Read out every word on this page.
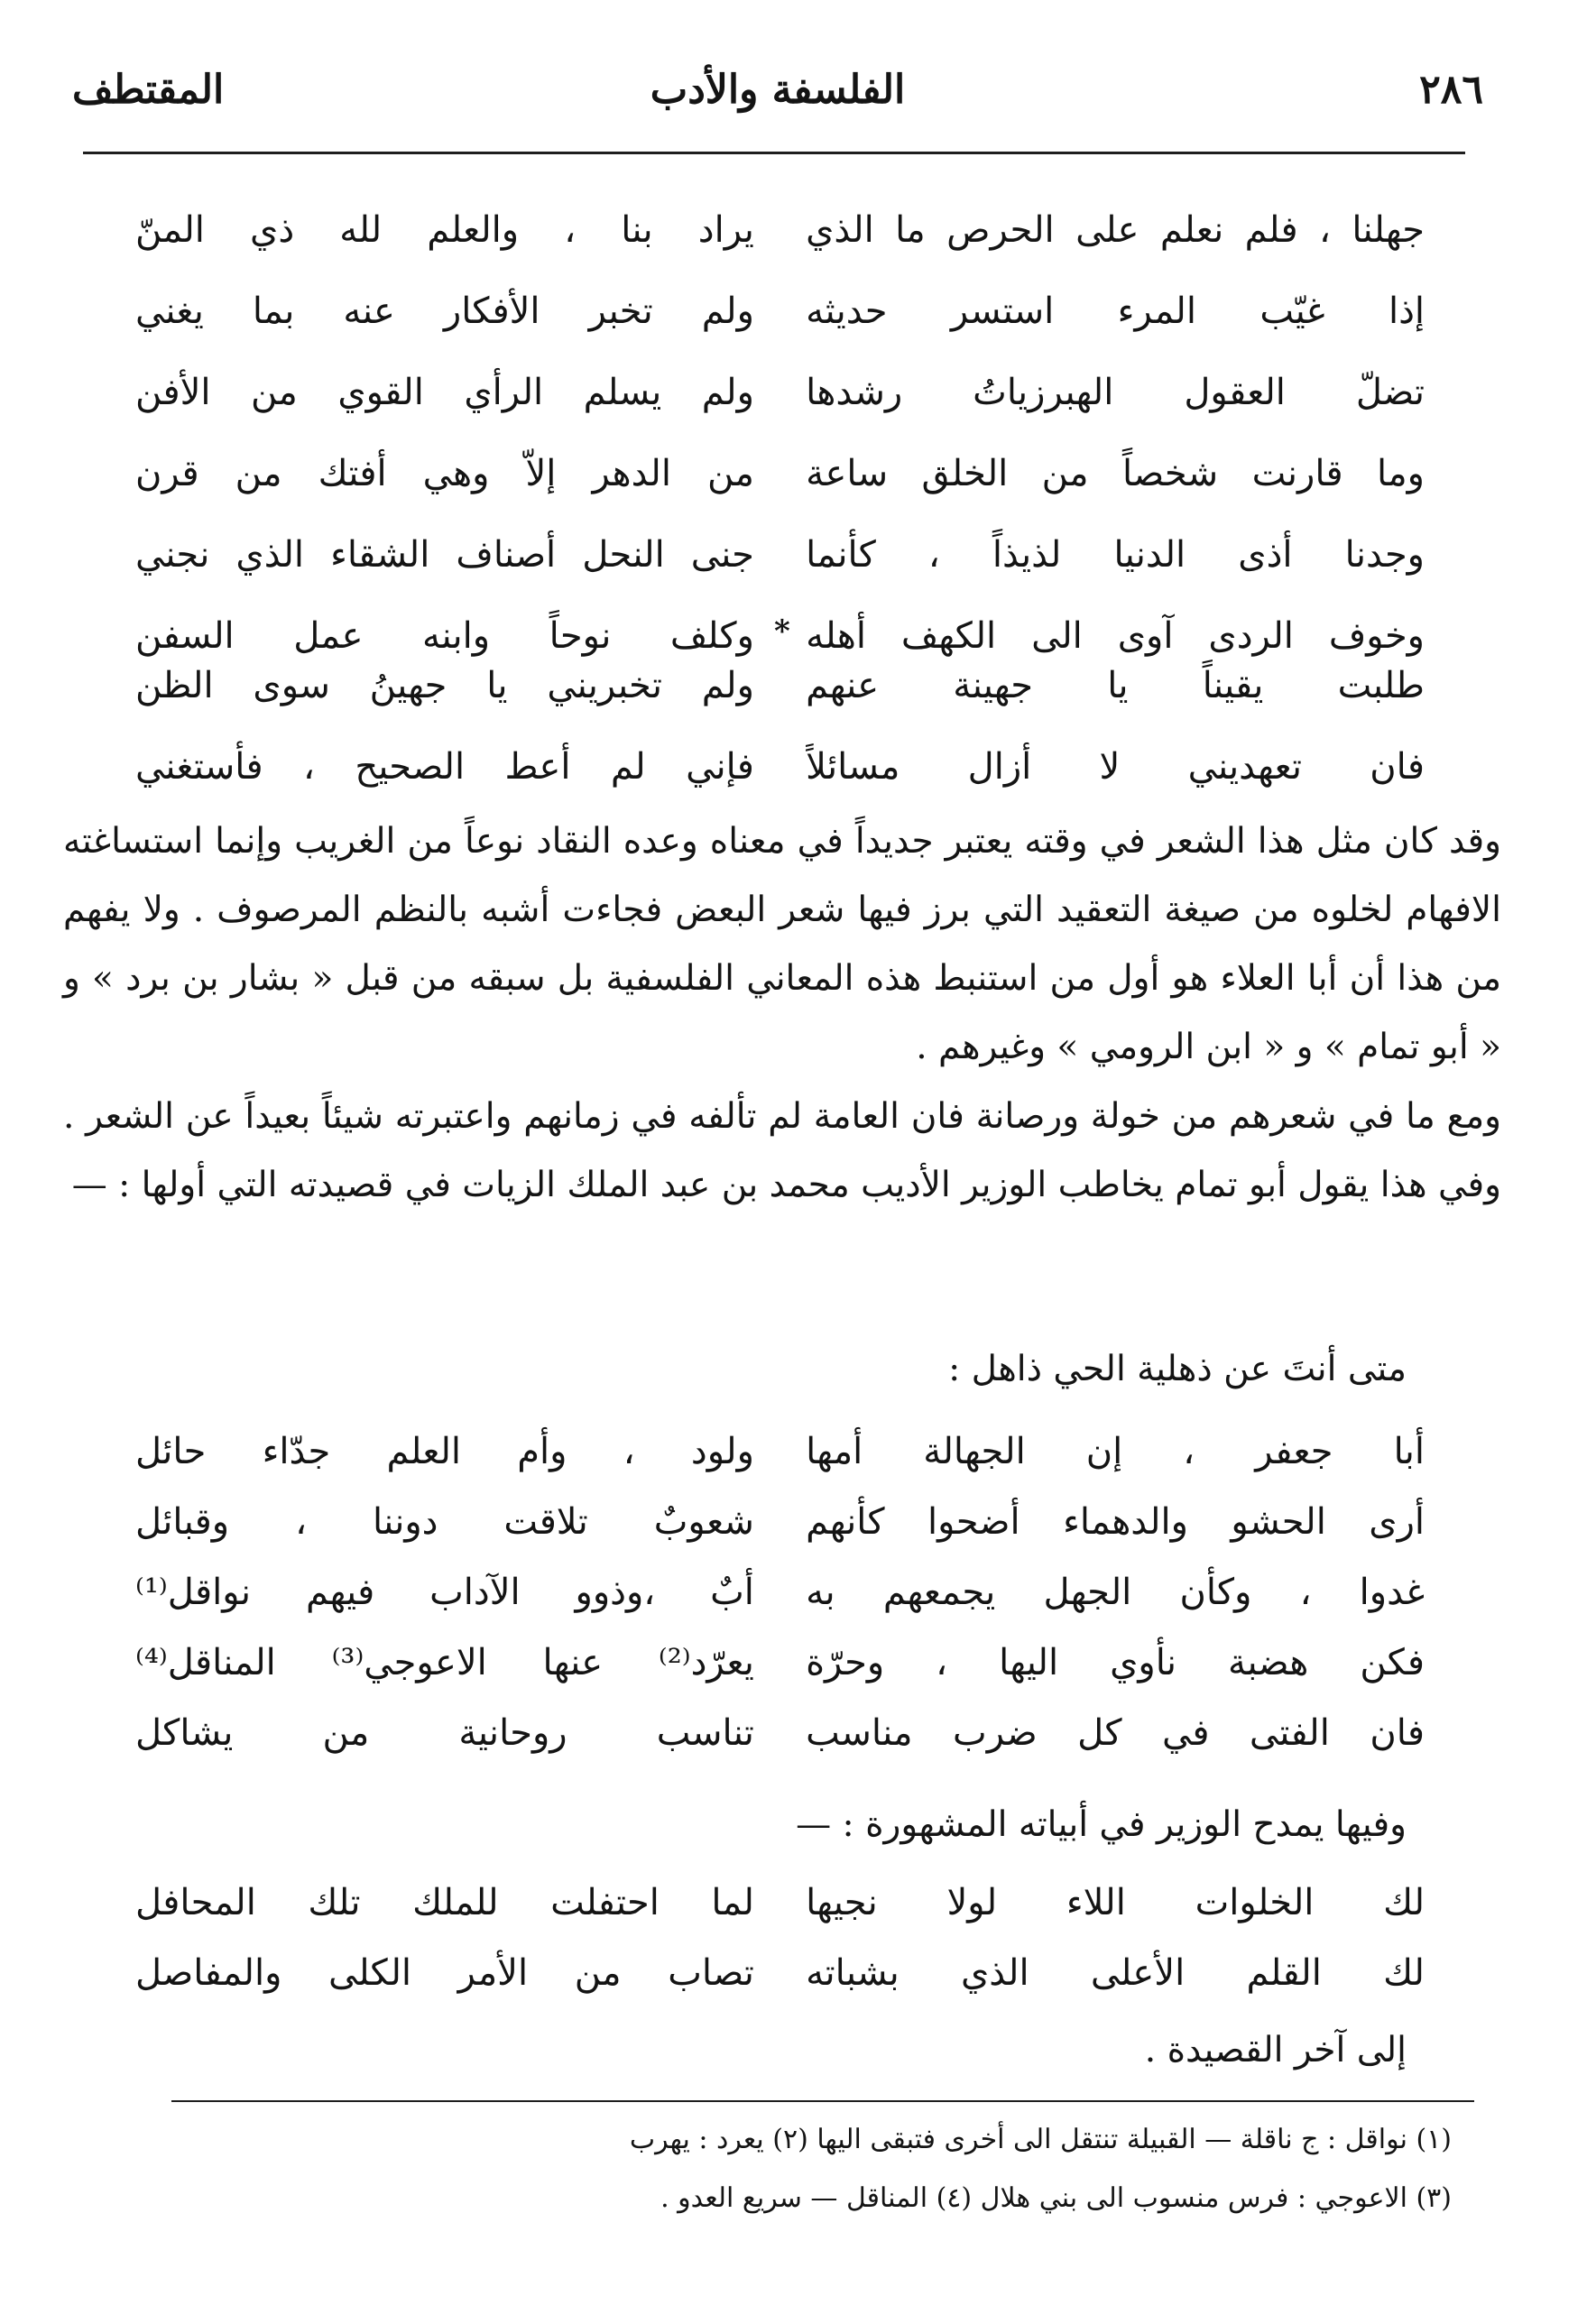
٢٨٦
الفلسفة والأدب
المقتطف
جهلنا ، فلم نعلم على الحرص ما الذي
يراد بنا ، والعلم لله ذي المنّ
إذا غيّب المرء استسر حديثه
ولم تخبر الأفكار عنه بما يغني
تضلّ العقول الهبرزياتُ رشدها
ولم يسلم الرأي القوي من الأفن
وما قارنت شخصاً من الخلق ساعة
من الدهر إلاّ وهي أفتك من قرن
وجدنا أذى الدنيا لذيذاً ، كأنما
جنى النحل أصناف الشقاء الذي نجني
وخوف الردى آوى الى الكهف أهله
وكلف نوحاً وابنه عمل السفن *
طلبت يقيناً يا جهينة عنهم
ولم تخبريني يا جهينُ سوى الظن
فان تعهديني لا أزال مسائلاً
فإني لم أعط الصحيح ، فأستغني

وقد كان مثل هذا الشعر في وقته يعتبر جديداً في معناه وعده النقاد نوعاً من الغريب وإنما استساغته الافهام لخلوه من صيغة التعقيد التي برز فيها شعر البعض فجاءت أشبه بالنظم المرصوف . ولا يفهم من هذا أن أبا العلاء هو أول من استنبط هذه المعاني الفلسفية بل سبقه من قبل « بشار بن برد » و « أبو تمام » و « ابن الرومي » وغيرهم .

ومع ما في شعرهم من خولة ورصانة فان العامة لم تألفه في زمانهم واعتبرته شيئاً بعيداً عن الشعر . وفي هذا يقول أبو تمام يخاطب الوزير الأديب محمد بن عبد الملك الزيات في قصيدته التي أولها : —

متى أنتَ عن ذهلية الحي ذاهل :
أبا جعفر ، إن الجهالة أمها
ولود ، وأم العلم جدّاء حائل
أرى الحشو والدهماء أضحوا كأنهم
شعوبٌ تلاقت دوننا ، وقبائل
غدوا ، وكأن الجهل يجمعهم به
أبٌ ،وذوو الآداب فيهم نواقل⁽¹⁾
فكن هضبة نأوي اليها ، وحرّة
يعرّد⁽²⁾ عنها الاعوجي⁽³⁾ المناقل⁽⁴⁾
فان الفتى في كل ضرب مناسب
تناسب روحانية من يشاكل
وفيها يمدح الوزير في أبياته المشهورة : —
لك الخلوات اللاء لولا نجيها
لما احتفلت للملك تلك المحافل
لك القلم الأعلى الذي بشباته
تصاب من الأمر الكلى والمفاصل
إلى آخر القصيدة .
(١) نواقل : ج ناقلة — القبيلة تنتقل الى أخرى فتبقى اليها (٢) يعرد : يهرب
(٣) الاعوجي : فرس منسوب الى بني هلال (٤) المناقل — سريع العدو .
